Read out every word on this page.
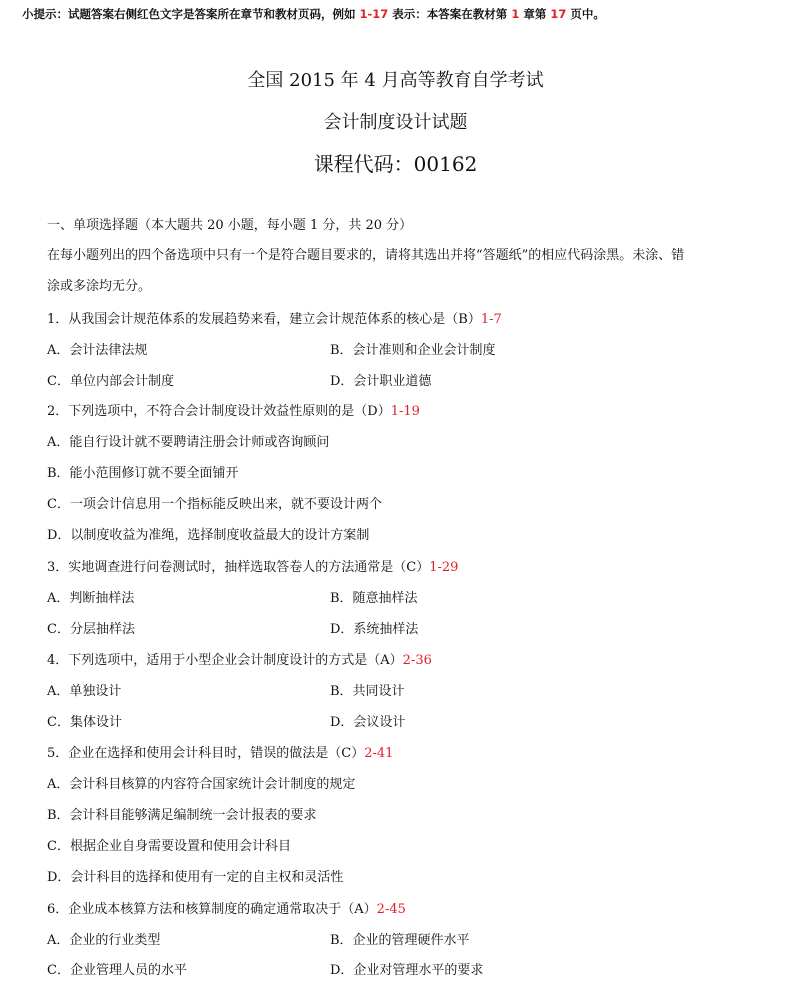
小提示：试题答案右侧红色文字是答案所在章节和教材页码，例如 1-17 表示：本答案在教材第 1 章第 17 页中。
全国 2015 年 4 月高等教育自学考试
会计制度设计试题
课程代码：00162
一、单项选择题（本大题共 20 小题，每小题 1 分，共 20 分）
在每小题列出的四个备选项中只有一个是符合题目要求的，请将其选出并将“答题纸”的相应代码涂黑。未涂、错
涂或多涂均无分。
1．从我国会计规范体系的发展趋势来看，建立会计规范体系的核心是（B）1-7
A．会计法律法规	B．会计准则和企业会计制度
C．单位内部会计制度	D．会计职业道德
2．下列选项中，不符合会计制度设计效益性原则的是（D）1-19
A．能自行设计就不要聘请注册会计师或咨询顾问
B．能小范围修订就不要全面铺开
C．一项会计信息用一个指标能反映出来，就不要设计两个
D．以制度收益为准绳，选择制度收益最大的设计方案制
3．实地调查进行问卷测试时，抽样选取答卷人的方法通常是（C）1-29
A．判断抽样法	B．随意抽样法
C．分层抽样法	D．系统抽样法
4．下列选项中，适用于小型企业会计制度设计的方式是（A）2-36
A．单独设计	B．共同设计
C．集体设计	D．会议设计
5．企业在选择和使用会计科目时，错误的做法是（C）2-41
A．会计科目核算的内容符合国家统计会计制度的规定
B．会计科目能够满足编制统一会计报表的要求
C．根据企业自身需要设置和使用会计科目
D．会计科目的选择和使用有一定的自主权和灵活性
6．企业成本核算方法和核算制度的确定通常取决于（A）2-45
A．企业的行业类型	B．企业的管理硬件水平
C．企业管理人员的水平	D．企业对管理水平的要求
